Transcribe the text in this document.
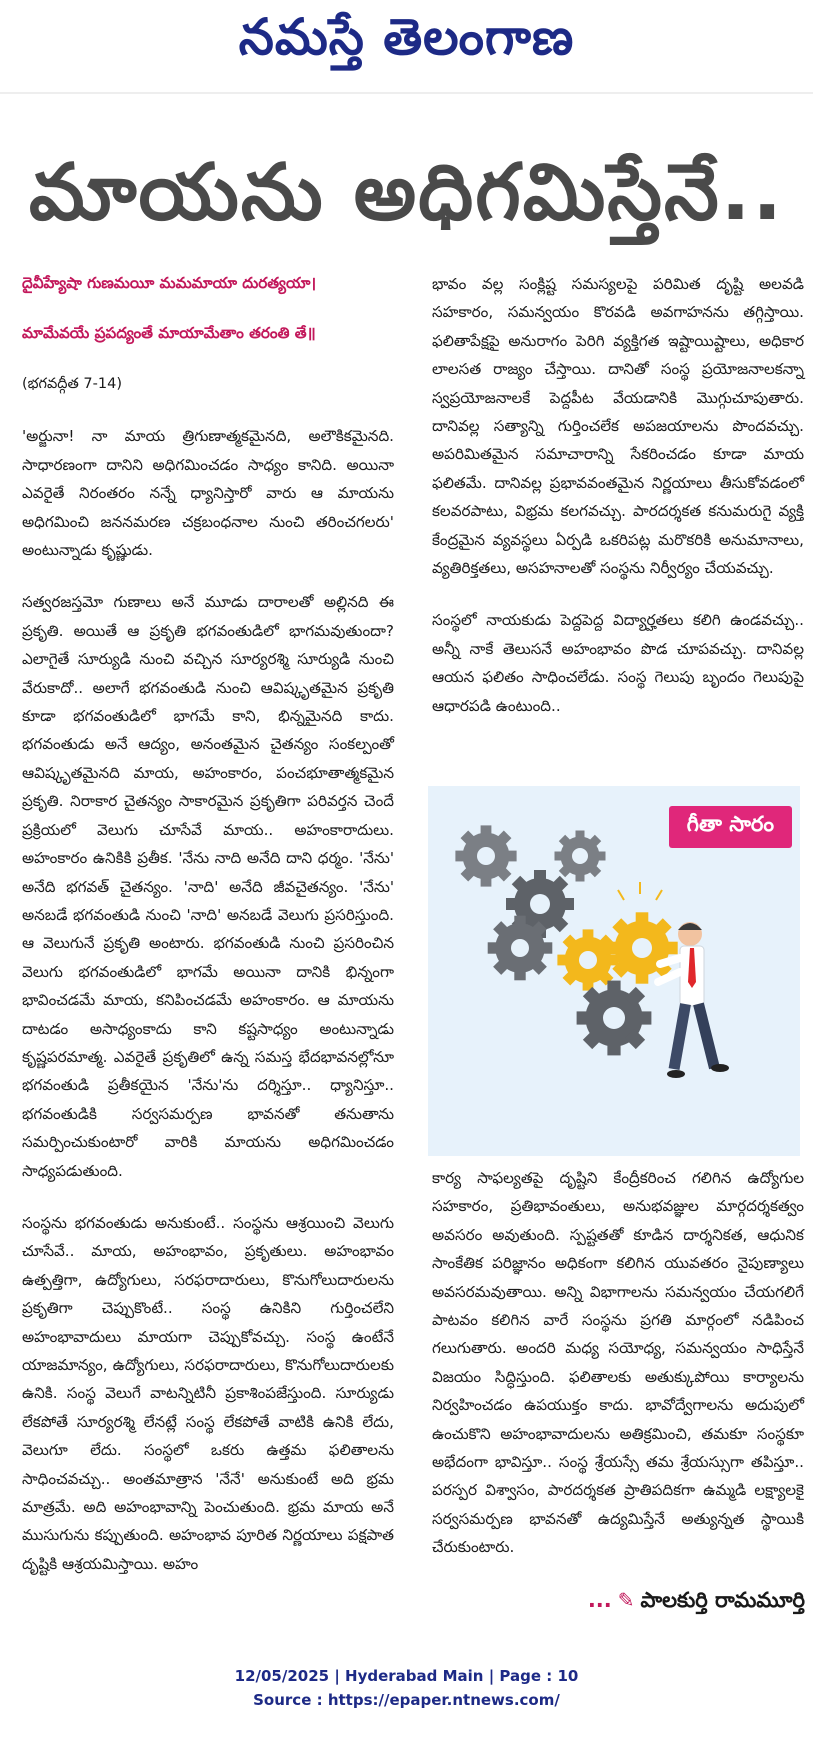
నమస్తే తెలంగాణ
మాయను అధిగమిస్తేనే..

దైవీహ్యేషా గుణమయీ మమమాయా దురత్యయా।

మామేవయే ప్రపద్యంతే మాయామేతాం తరంతి తే॥

(భగవద్గీత 7-14)

'అర్జునా! నా మాయ త్రిగుణాత్మకమైనది, అలౌకికమైనది. సాధారణంగా దానిని అధిగమించడం సాధ్యం కానిది. అయినా ఎవరైతే నిరంతరం నన్నే ధ్యానిస్తారో వారు ఆ మాయను అధిగమించి జననమరణ చక్రబంధనాల నుంచి తరించగలరు' అంటున్నాడు కృష్ణుడు.

సత్వరజస్తమో గుణాలు అనే మూడు దారాలతో అల్లినది ఈ ప్రకృతి. అయితే ఆ ప్రకృతి భగవంతుడిలో భాగమవుతుందా? ఎలాగైతే సూర్యుడి నుంచి వచ్చిన సూర్యరశ్మి సూర్యుడి నుంచి వేరుకాదో.. అలాగే భగవంతుడి నుంచి ఆవిష్కృతమైన ప్రకృతి కూడా భగవంతుడిలో భాగమే కాని, భిన్నమైనది కాదు. భగవంతుడు అనే ఆద్యం, అనంతమైన చైతన్యం సంకల్పంతో ఆవిష్కృతమైనది మాయ, అహంకారం, పంచభూతాత్మకమైన ప్రకృతి. నిరాకార చైతన్యం సాకారమైన ప్రకృతిగా పరివర్తన చెందే ప్రక్రియలో వెలుగు చూసేవే మాయ.. అహంకారాదులు. అహంకారం ఉనికికి ప్రతీక. 'నేను నాది అనేది దాని ధర్మం. 'నేను' అనేది భగవత్ చైతన్యం. 'నాది' అనేది జీవచైతన్యం. 'నేను' అనబడే భగవంతుడి నుంచి 'నాది' అనబడే వెలుగు ప్రసరిస్తుంది. ఆ వెలుగునే ప్రకృతి అంటారు. భగవంతుడి నుంచి ప్రసరించిన వెలుగు భగవంతుడిలో భాగమే అయినా దానికి భిన్నంగా భావించడమే మాయ, కనిపించడమే అహంకారం. ఆ మాయను దాటడం అసాధ్యంకాదు కాని కష్టసాధ్యం అంటున్నాడు కృష్ణపరమాత్మ. ఎవరైతే ప్రకృతిలో ఉన్న సమస్త భేదభావనల్లోనూ భగవంతుడి ప్రతీకయైన 'నేను'ను దర్శిస్తూ.. ధ్యానిస్తూ.. భగవంతుడికి సర్వసమర్పణ భావనతో తనుతాను సమర్పించుకుంటారో వారికి మాయను అధిగమించడం సాధ్యపడుతుంది.

సంస్థను భగవంతుడు అనుకుంటే.. సంస్థను ఆశ్రయించి వెలుగు చూసేవే.. మాయ, అహంభావం, ప్రకృతులు. అహంభావం ఉత్పత్తిగా, ఉద్యోగులు, సరఫరాదారులు, కొనుగోలుదారులను ప్రకృతిగా చెప్పుకొంటే.. సంస్థ ఉనికిని గుర్తించలేని అహంభావాదులు మాయగా చెప్పుకోవచ్చు. సంస్థ ఉంటేనే యాజమాన్యం, ఉద్యోగులు, సరఫరాదారులు, కొనుగోలుదారులకు ఉనికి. సంస్థ వెలుగే వాటన్నిటినీ ప్రకాశింపజేస్తుంది. సూర్యుడు లేకపోతే సూర్యరశ్మి లేనట్లే సంస్థ లేకపోతే వాటికి ఉనికి లేదు, వెలుగూ లేదు. సంస్థలో ఒకరు ఉత్తమ ఫలితాలను సాధించవచ్చు.. అంతమాత్రాన 'నేనే' అనుకుంటే అది భ్రమ మాత్రమే. అది అహంభావాన్ని పెంచుతుంది. భ్రమ మాయ అనే ముసుగును కప్పుతుంది. అహంభావ పూరిత నిర్ణయాలు పక్షపాత దృష్టికి ఆశ్రయమిస్తాయి. అహం

భావం వల్ల సంక్లిష్ట సమస్యలపై పరిమిత దృష్టి అలవడి సహకారం, సమన్వయం కొరవడి అవగాహనను తగ్గిస్తాయి. ఫలితాపేక్షపై అనురాగం పెరిగి వ్యక్తిగత ఇష్టాయిష్టాలు, అధికార లాలసత రాజ్యం చేస్తాయి. దానితో సంస్థ ప్రయోజనాలకన్నా స్వప్రయోజనాలకే పెద్దపీట వేయడానికి మొగ్గుచూపుతారు. దానివల్ల సత్యాన్ని గుర్తించలేక అపజయాలను పొందవచ్చు. అపరిమితమైన సమాచారాన్ని సేకరించడం కూడా మాయ ఫలితమే. దానివల్ల ప్రభావవంతమైన నిర్ణయాలు తీసుకోవడంలో కలవరపాటు, విభ్రమ కలగవచ్చు. పారదర్శకత కనుమరుగై వ్యక్తి కేంద్రమైన వ్యవస్థలు ఏర్పడి ఒకరిపట్ల మరొకరికి అనుమానాలు, వ్యతిరిక్తతలు, అసహనాలతో సంస్థను నిర్వీర్యం చేయవచ్చు.

సంస్థలో నాయకుడు పెద్దపెద్ద విద్యార్హతలు కలిగి ఉండవచ్చు.. అన్నీ నాకే తెలుసనే అహంభావం పొడ చూపవచ్చు. దానివల్ల ఆయన ఫలితం సాధించలేడు. సంస్థ గెలుపు బృందం గెలుపుపై ఆధారపడి ఉంటుంది..

గీతా సారం

కార్య సాఫల్యతపై దృష్టిని కేంద్రీకరించ గలిగిన ఉద్యోగుల సహకారం, ప్రతిభావంతులు, అనుభవజ్ఞుల మార్గదర్శకత్వం అవసరం అవుతుంది. స్పష్టతతో కూడిన దార్శనికత, ఆధునిక సాంకేతిక పరిజ్ఞానం అధికంగా కలిగిన యువతరం నైపుణ్యాలు అవసరమవుతాయి. అన్ని విభాగాలను సమన్వయం చేయగలిగే పాటవం కలిగిన వారే సంస్థను ప్రగతి మార్గంలో నడిపించ గలుగుతారు. అందరి మధ్య సయోధ్య, సమన్వయం సాధిస్తేనే విజయం సిద్ధిస్తుంది. ఫలితాలకు అతుక్కుపోయి కార్యాలను నిర్వహించడం ఉపయుక్తం కాదు. భావోద్వేగాలను అదుపులో ఉంచుకొని అహంభావాదులను అతిక్రమించి, తమకూ సంస్థకూ అభేదంగా భావిస్తూ.. సంస్థ శ్రేయస్సే తమ శ్రేయస్సుగా తపిస్తూ.. పరస్పర విశ్వాసం, పారదర్శకత ప్రాతిపదికగా ఉమ్మడి లక్ష్యాలకై సర్వసమర్పణ భావనతో ఉద్యమిస్తేనే అత్యున్నత స్థాయికి చేరుకుంటారు.

... ✎ పాలకుర్తి రామమూర్తి
12/05/2025 | Hyderabad Main | Page : 10
Source : https://epaper.ntnews.com/
